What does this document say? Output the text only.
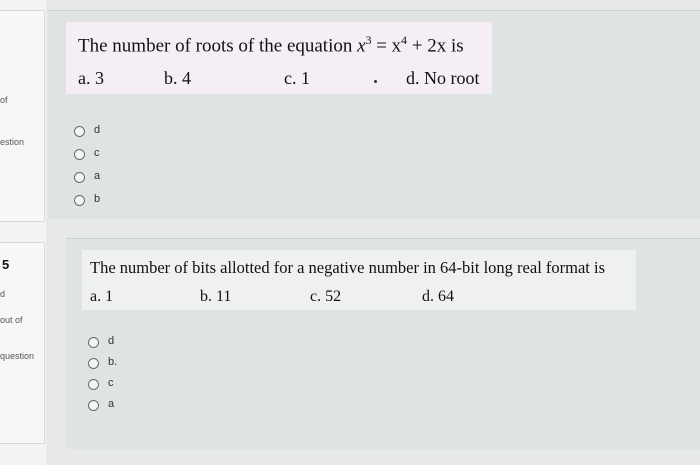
of
estion
5
d
out of
question
The number of roots of the equation $x^3 = x^4 + 2x$ is
a. 3	b. 4	c. 1	d. No root
d
c
a
b
The number of bits allotted for a negative number in 64-bit long real format is
a. 1	b. 11	c. 52	d. 64
d
b.
c
a
